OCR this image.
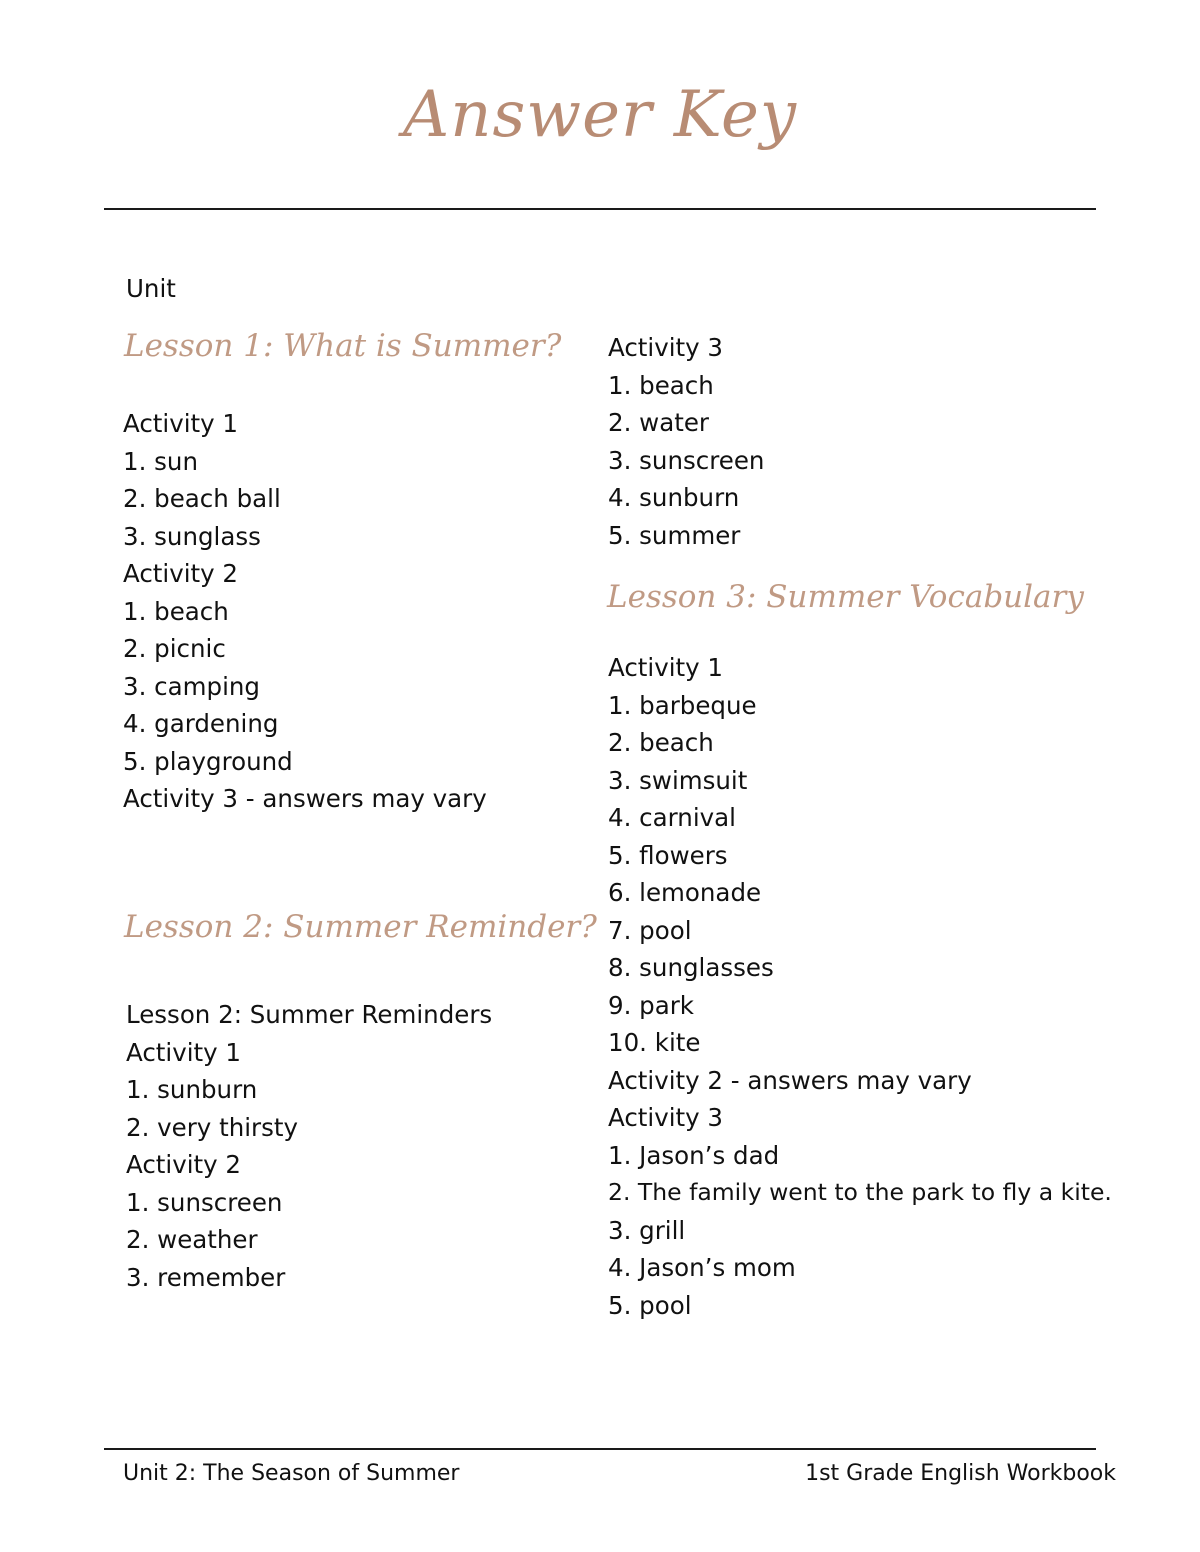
Answer Key
Unit
Lesson 1: What is Summer?
Activity 1
1. sun
2. beach ball
3. sunglass
Activity 2
1. beach
2. picnic
3. camping
4. gardening
5. playground
Activity 3 - answers may vary
Lesson 2: Summer Reminder?
Lesson 2: Summer Reminders
Activity 1
1. sunburn
2. very thirsty
Activity 2
1. sunscreen
2. weather
3. remember
Activity 3
1. beach
2. water
3. sunscreen
4. sunburn
5. summer
Lesson 3: Summer Vocabulary
Activity 1
1. barbeque
2. beach
3. swimsuit
4. carnival
5. flowers
6. lemonade
7. pool
8. sunglasses
9. park
10. kite
Activity 2 - answers may vary
Activity 3
1. Jason’s dad
2. The family went to the park to fly a kite.
3. grill
4. Jason’s mom
5. pool
Unit 2: The Season of Summer	1st Grade English Workbook
